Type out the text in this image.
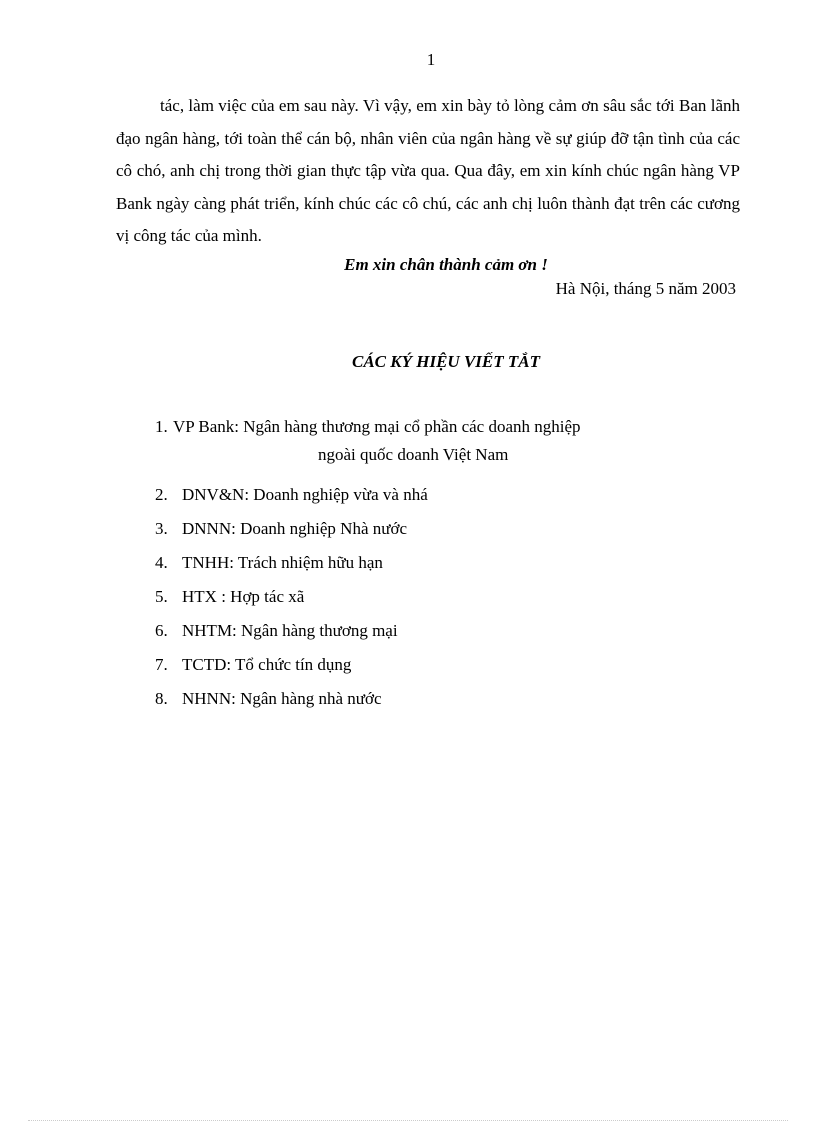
1

tác, làm việc của em sau này. Vì vậy, em xin bày tỏ lòng cảm ơn sâu sắc tới Ban lãnh đạo ngân hàng, tới toàn thể cán bộ, nhân viên của ngân hàng về sự giúp đỡ tận tình của các cô chó, anh chị trong thời gian thực tập vừa qua. Qua đây, em xin kính chúc ngân hàng VP Bank ngày càng phát triển, kính chúc các cô chú, các anh chị luôn thành đạt trên các cương vị công tác của mình.

Em xin chân thành cảm ơn !
Hà Nội, tháng 5 năm 2003
CÁC KÝ HIỆU VIẾT TẮT
1. VP Bank: Ngân hàng thương mại cổ phần các doanh nghiệp
ngoài quốc doanh Việt Nam
2. DNV&N: Doanh nghiệp vừa và nhá
3. DNNN: Doanh nghiệp Nhà nước
4. TNHH: Trách nhiệm hữu hạn
5. HTX : Hợp tác xã
6. NHTM: Ngân hàng thương mại
7. TCTD: Tổ chức tín dụng
8. NHNN: Ngân hàng nhà nước
